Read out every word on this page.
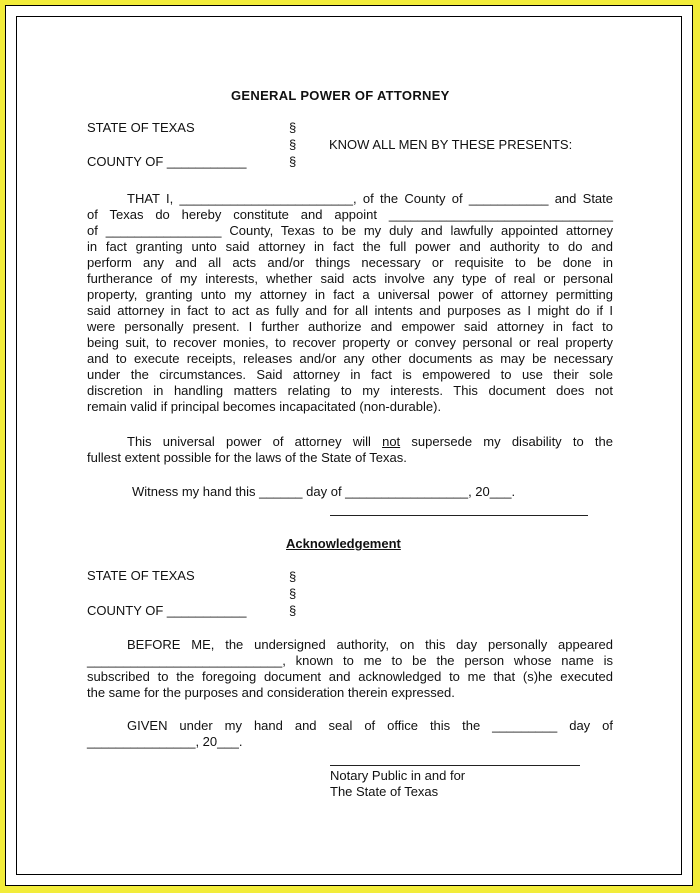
GENERAL POWER OF ATTORNEY
STATE OF TEXAS
COUNTY OF ___________
§
§
§
KNOW ALL MEN BY THESE PRESENTS:
THAT I, ________________________, of the County of ___________ and State
of Texas do hereby constitute and appoint _______________________________
of ________________ County, Texas to be my duly and lawfully appointed attorney
in fact granting unto said attorney in fact the full power and authority to do and
perform any and all acts and/or things necessary or requisite to be done in
furtherance of my interests, whether said acts involve any type of real or personal
property, granting unto my attorney in fact a universal power of attorney permitting
said attorney in fact to act as fully and for all intents and purposes as I might do if I
were personally present. I further authorize and empower said attorney in fact to
being suit, to recover monies, to recover property or convey personal or real property
and to execute receipts, releases and/or any other documents as may be necessary
under the circumstances. Said attorney in fact is empowered to use their sole
discretion in handling matters relating to my interests. This document does not
remain valid if principal becomes incapacitated (non-durable).
This universal power of attorney will not supersede my disability to the
fullest extent possible for the laws of the State of Texas.
Witness my hand this ______ day of _________________, 20___.
Acknowledgement
STATE OF TEXAS
COUNTY OF ___________
§
§
§
BEFORE ME, the undersigned authority, on this day personally appeared
___________________________, known to me to be the person whose name is
subscribed to the foregoing document and acknowledged to me that (s)he executed
the same for the purposes and consideration therein expressed.
GIVEN under my hand and seal of office this the _________ day of
_______________, 20___.
Notary Public in and for
The State of Texas
